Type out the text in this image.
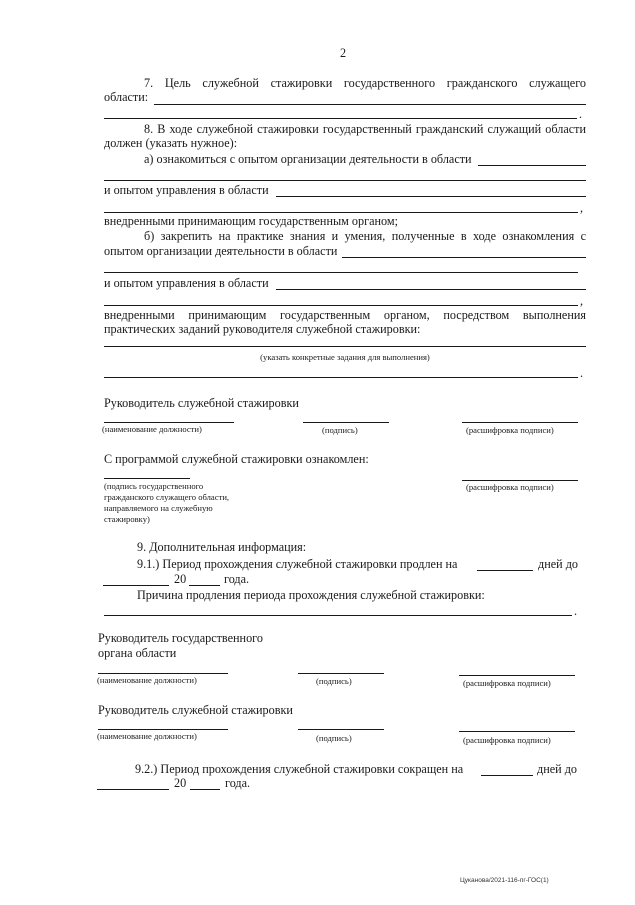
2
7. Цель служебной стажировки государственного гражданского служащего
области:
.
8. В ходе служебной стажировки государственный гражданский служащий области
должен (указать нужное):
а) ознакомиться с опытом организации деятельности в области
и опытом управления в области
,
внедренными принимающим государственным органом;
б) закрепить на практике знания и умения, полученные в ходе ознакомления с
опытом организации деятельности в области
и опытом управления в области
,
внедренными принимающим государственным органом, посредством выполнения
практических заданий руководителя служебной стажировки:
(указать конкретные задания для выполнения)
.
Руководитель служебной стажировки
(наименование должности)	(подпись)	(расшифровка подписи)
С программой служебной стажировки ознакомлен:
(подпись государственного
гражданского служащего области,
направляемого на служебную
стажировку)
(расшифровка подписи)
9. Дополнительная информация:
9.1.) Период прохождения служебной стажировки продлен на	дней до
20	года.
Причина продления периода прохождения служебной стажировки:
.
Руководитель государственного
органа области
(наименование должности)	(подпись)	(расшифровка подписи)
Руководитель служебной стажировки
(наименование должности)	(подпись)	(расшифровка подписи)
9.2.) Период прохождения служебной стажировки сокращен на	дней до
20	года.
Цуканова/2021-116-пг-ГОС(1)
